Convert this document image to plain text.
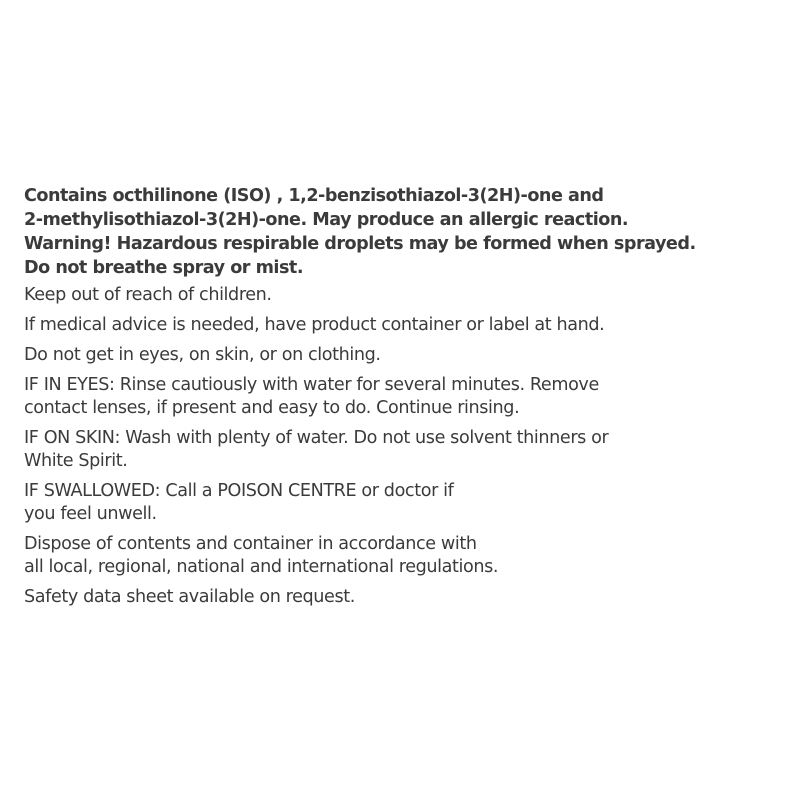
Contains octhilinone (ISO) , 1,2-benzisothiazol-3(2H)-one and
2-methylisothiazol-3(2H)-one. May produce an allergic reaction.
Warning! Hazardous respirable droplets may be formed when sprayed.
Do not breathe spray or mist.

Keep out of reach of children.

If medical advice is needed, have product container or label at hand.

Do not get in eyes, on skin, or on clothing.

IF IN EYES: Rinse cautiously with water for several minutes. Remove
contact lenses, if present and easy to do. Continue rinsing.

IF ON SKIN: Wash with plenty of water. Do not use solvent thinners or
White Spirit.

IF SWALLOWED: Call a POISON CENTRE or doctor if
you feel unwell.

Dispose of contents and container in accordance with
all local, regional, national and international regulations.

Safety data sheet available on request.
